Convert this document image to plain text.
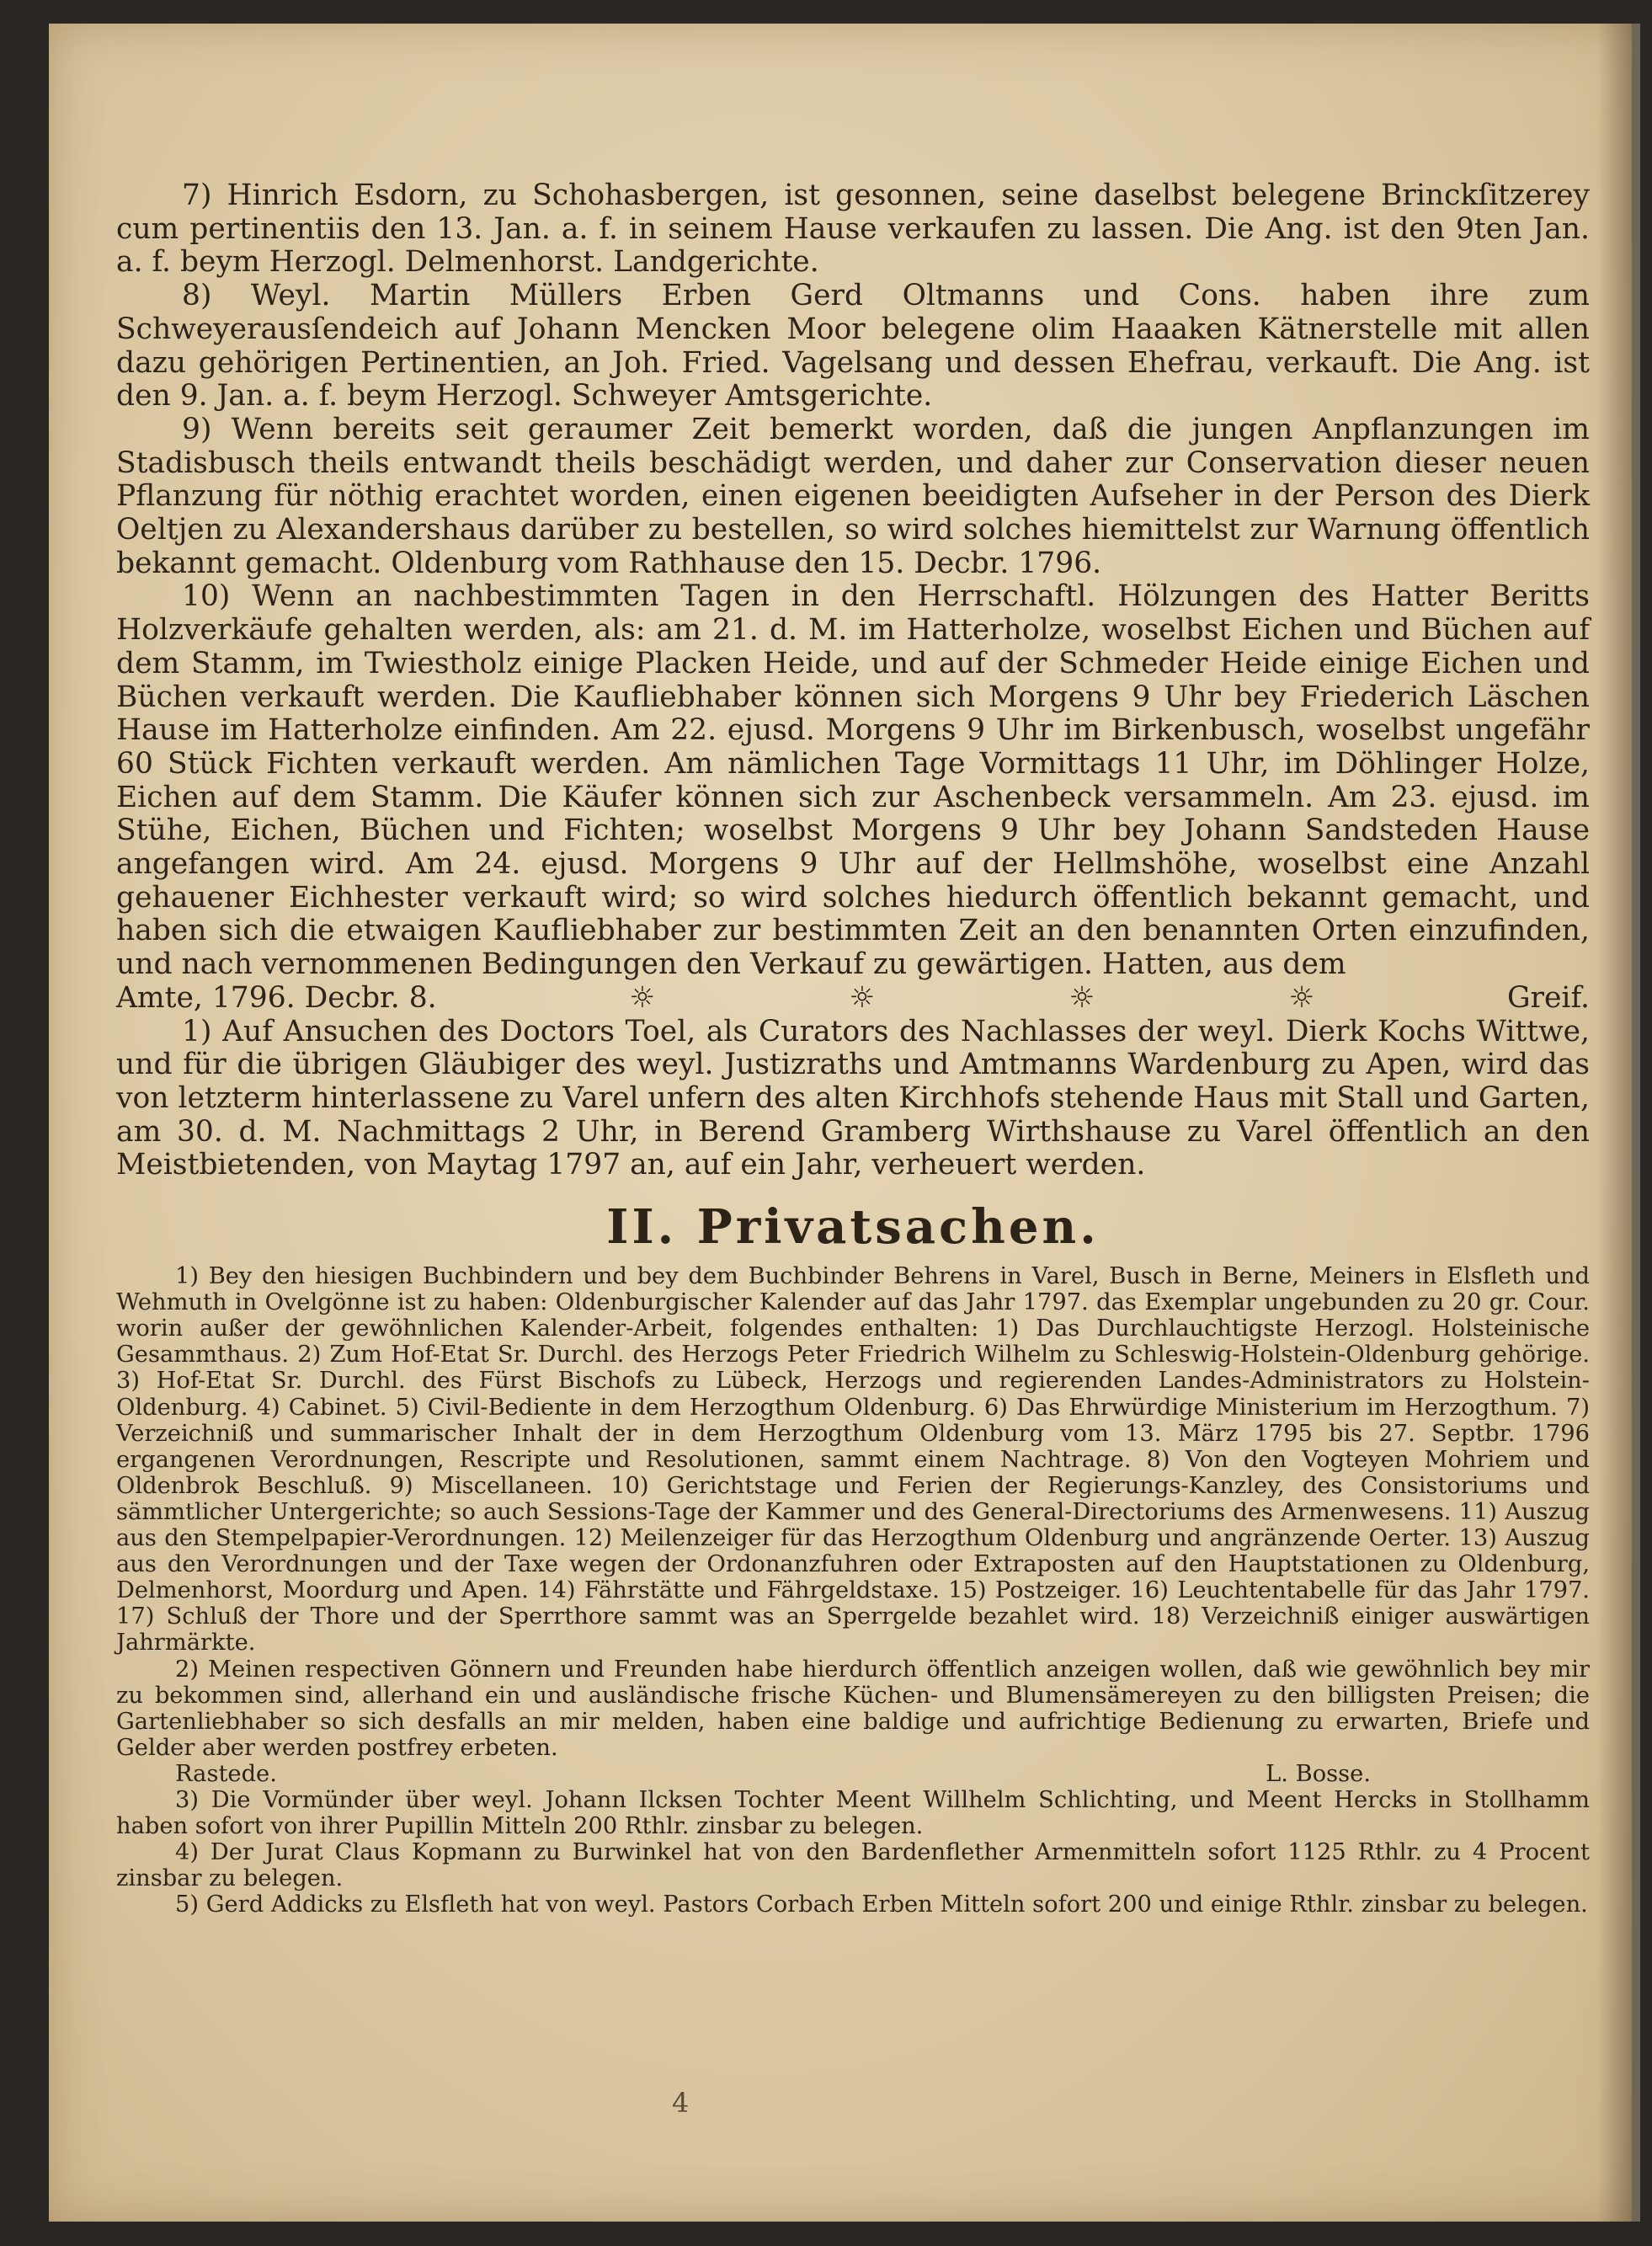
7) Hinrich Esdorn, zu Schohasbergen, ist gesonnen, seine daselbst belegene Brinckſitzerey cum pertinentiis den 13. Jan. a. f. in seinem Hause verkaufen zu lassen. Die Ang. ist den 9ten Jan. a. f. beym Herzogl. Delmenhorst. Landgerichte.

8) Weyl. Martin Müllers Erben Gerd Oltmanns und Cons. haben ihre zum Schweyerausſendeich auf Johann Mencken Moor belegene olim Haaaken Kätnerstelle mit allen dazu gehörigen Pertinentien, an Joh. Fried. Vagelsang und dessen Ehefrau, verkauft. Die Ang. ist den 9. Jan. a. f. beym Herzogl. Schweyer Amtsgerichte.

9) Wenn bereits seit geraumer Zeit bemerkt worden, daß die jungen Anpflanzungen im Stadisbusch theils entwandt theils beschädigt werden, und daher zur Conservation dieser neuen Pflanzung für nöthig erachtet worden, einen eigenen beeidigten Aufseher in der Person des Dierk Oeltjen zu Alexandershaus darüber zu bestellen, so wird solches hiemittelst zur Warnung öffentlich bekannt gemacht. Oldenburg vom Rathhause den 15. Decbr. 1796.

10) Wenn an nachbestimmten Tagen in den Herrschaftl. Hölzungen des Hatter Beritts Holzverkäufe gehalten werden, als: am 21. d. M. im Hatterholze, woselbst Eichen und Büchen auf dem Stamm, im Twiestholz einige Placken Heide, und auf der Schmeder Heide einige Eichen und Büchen verkauft werden. Die Kaufliebhaber können sich Morgens 9 Uhr bey Friederich Läschen Hause im Hatterholze einfinden. Am 22. ejusd. Morgens 9 Uhr im Birkenbusch, woselbst ungefähr 60 Stück Fichten verkauft werden. Am nämlichen Tage Vormittags 11 Uhr, im Döhlinger Holze, Eichen auf dem Stamm. Die Käufer können sich zur Aschenbeck versammeln. Am 23. ejusd. im Stühe, Eichen, Büchen und Fichten; woselbst Morgens 9 Uhr bey Johann Sandsteden Hause angefangen wird. Am 24. ejusd. Morgens 9 Uhr auf der Hellmshöhe, woselbst eine Anzahl gehauener Eichhester verkauft wird; so wird solches hiedurch öffentlich bekannt gemacht, und haben sich die etwaigen Kaufliebhaber zur bestimmten Zeit an den benannten Orten einzufinden, und nach vernommenen Bedingungen den Verkauf zu gewärtigen. Hatten, aus dem

Amte, 1796. Decbr. 8.	☼	☼	☼	☼	Greif.

1) Auf Ansuchen des Doctors Toel, als Curators des Nachlasses der weyl. Dierk Kochs Wittwe, und für die übrigen Gläubiger des weyl. Justizraths und Amtmanns Wardenburg zu Apen, wird das von letzterm hinterlassene zu Varel unfern des alten Kirchhofs stehende Haus mit Stall und Garten, am 30. d. M. Nachmittags 2 Uhr, in Berend Gramberg Wirthshause zu Varel öffentlich an den Meistbietenden, von Maytag 1797 an, auf ein Jahr, verheuert werden.

II. Privatsachen.

1) Bey den hiesigen Buchbindern und bey dem Buchbinder Behrens in Varel, Busch in Berne, Meiners in Elsfleth und Wehmuth in Ovelgönne ist zu haben: Oldenburgischer Kalender auf das Jahr 1797. das Exemplar ungebunden zu 20 gr. Cour. worin außer der gewöhnlichen Kalender-Arbeit, folgendes enthalten: 1) Das Durchlauchtigste Herzogl. Holsteinische Gesammthaus. 2) Zum Hof-Etat Sr. Durchl. des Herzogs Peter Friedrich Wilhelm zu Schleswig-Holstein-Oldenburg gehörige. 3) Hof-Etat Sr. Durchl. des Fürst Bischofs zu Lübeck, Herzogs und regierenden Landes-Administrators zu Holstein-Oldenburg. 4) Cabinet. 5) Civil-Bediente in dem Herzogthum Oldenburg. 6) Das Ehrwürdige Ministerium im Herzogthum. 7) Verzeichniß und summarischer Inhalt der in dem Herzogthum Oldenburg vom 13. März 1795 bis 27. Septbr. 1796 ergangenen Verordnungen, Rescripte und Resolutionen, sammt einem Nachtrage. 8) Von den Vogteyen Mohriem und Oldenbrok Beschluß. 9) Miscellaneen. 10) Gerichtstage und Ferien der Regierungs-Kanzley, des Consistoriums und sämmtlicher Untergerichte; so auch Sessions-Tage der Kammer und des General-Directoriums des Armenwesens. 11) Auszug aus den Stempelpapier-Verordnungen. 12) Meilenzeiger für das Herzogthum Oldenburg und angränzende Oerter. 13) Auszug aus den Verordnungen und der Taxe wegen der Ordonanzfuhren oder Extraposten auf den Hauptstationen zu Oldenburg, Delmenhorst, Moordurg und Apen. 14) Fährstätte und Fährgeldstaxe. 15) Postzeiger. 16) Leuchtentabelle für das Jahr 1797. 17) Schluß der Thore und der Sperrthore sammt was an Sperrgelde bezahlet wird. 18) Verzeichniß einiger auswärtigen Jahrmärkte.

2) Meinen respectiven Gönnern und Freunden habe hierdurch öffentlich anzeigen wollen, daß wie gewöhnlich bey mir zu bekommen sind, allerhand ein und ausländische frische Küchen- und Blumensämereyen zu den billigsten Preisen; die Gartenliebhaber so sich desfalls an mir melden, haben eine baldige und aufrichtige Bedienung zu erwarten, Briefe und Gelder aber werden postfrey erbeten.

Rastede.	L. Bosse.

3) Die Vormünder über weyl. Johann Ilcksen Tochter Meent Willhelm Schlichting, und Meent Hercks in Stollhamm haben sofort von ihrer Pupillin Mitteln 200 Rthlr. zinsbar zu belegen.

4) Der Jurat Claus Kopmann zu Burwinkel hat von den Bardenflether Armenmitteln sofort 1125 Rthlr. zu 4 Procent zinsbar zu belegen.

5) Gerd Addicks zu Elsfleth hat von weyl. Pastors Corbach Erben Mitteln sofort 200 und einige Rthlr. zinsbar zu belegen.

4
